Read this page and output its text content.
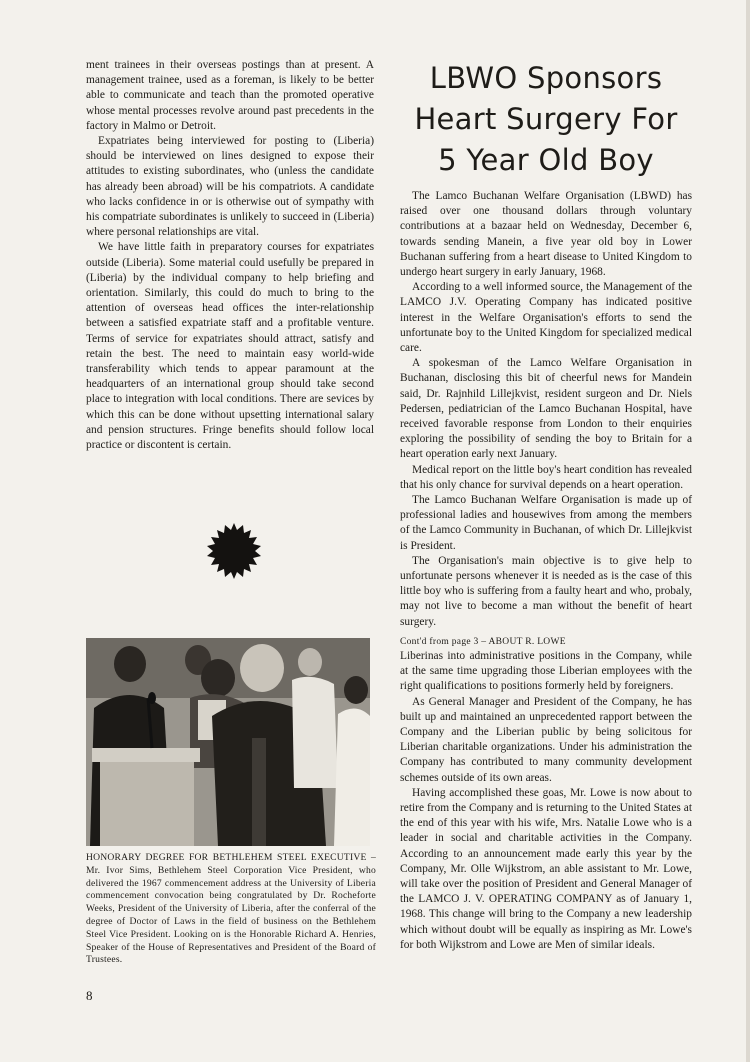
ment trainees in their overseas postings than at present. A management trainee, used as a foreman, is likely to be better able to communicate and teach than the promoted operative whose mental processes revolve around past precedents in the factory in Malmo or Detroit.

Expatriates being interviewed for posting to (Liberia) should be interviewed on lines designed to expose their attitudes to existing subordinates, who (unless the candidate has already been abroad) will be his compatriots. A candidate who lacks confidence in or is otherwise out of sympathy with his compatriate subordinates is unlikely to succeed in (Liberia) where personal relationships are vital.

We have little faith in preparatory courses for expatriates outside (Liberia). Some material could usefully be prepared in (Liberia) by the individual company to help briefing and orientation. Similarly, this could do much to bring to the attention of overseas head offices the inter-relationship between a satisfied expatriate staff and a profitable venture. Terms of service for expatriates should attract, satisfy and retain the best. The need to maintain easy world-wide transferability which tends to appear paramount at the headquarters of an international group should take second place to integration with local conditions. There are sevices by which this can be done without upsetting international salary and pension structures. Fringe benefits should follow local practice or discontent is certain.

HONORARY DEGREE FOR BETHLEHEM STEEL EXECUTIVE – Mr. Ivor Sims, Bethlehem Steel Corporation Vice President, who delivered the 1967 commencement address at the University of Liberia commencement convocation being congratulated by Dr. Rocheforte Weeks, President of the University of Liberia, after the conferral of the degree of Doctor of Laws in the field of business on the Bethlehem Steel Vice President. Looking on is the Honorable Richard A. Henries, Speaker of the House of Representatives and President of the Board of Trustees.
LBWO Sponsors
Heart Surgery For
5 Year Old Boy

The Lamco Buchanan Welfare Organisation (LBWD) has raised over one thousand dollars through voluntary contributions at a bazaar held on Wednesday, December 6, towards sending Manein, a five year old boy in Lower Buchanan suffering from a heart disease to United Kingdom to undergo heart surgery in early January, 1968.

According to a well informed source, the Management of the LAMCO J.V. Operating Company has indicated positive interest in the Welfare Organisation's efforts to send the unfortunate boy to the United Kingdom for specialized medical care.

A spokesman of the Lamco Welfare Organisation in Buchanan, disclosing this bit of cheerful news for Mandein said, Dr. Rajnhild Lillejkvist, resident surgeon and Dr. Niels Pedersen, pediatrician of the Lamco Buchanan Hospital, have received favorable response from London to their enquiries exploring the possibility of sending the boy to Britain for a heart operation early next January.

Medical report on the little boy's heart condition has revealed that his only chance for survival depends on a heart operation.

The Lamco Buchanan Welfare Organisation is made up of professional ladies and housewives from among the members of the Lamco Community in Buchanan, of which Dr. Lillejkvist is President.

The Organisation's main objective is to give help to unfortunate persons whenever it is needed as is the case of this little boy who is suffering from a faulty heart and who, probaly, may not live to become a man without the benefit of heart surgery.

Cont'd from page 3 – ABOUT R. LOWE

Liberinas into administrative positions in the Company, while at the same time upgrading those Liberian employees with the right qualifications to positions formerly held by foreigners.

As General Manager and President of the Company, he has built up and maintained an unprecedented rapport between the Company and the Liberian public by being solicitous for Liberian charitable organizations. Under his administration the Company has contributed to many community development schemes outside of its own areas.

Having accomplished these goas, Mr. Lowe is now about to retire from the Company and is returning to the United States at the end of this year with his wife, Mrs. Natalie Lowe who is a leader in social and charitable activities in the Company. According to an announcement made early this year by the Company, Mr. Olle Wijkstrom, an able assistant to Mr. Lowe, will take over the position of President and General Manager of the LAMCO J. V. OPERATING COMPANY as of January 1, 1968. This change will bring to the Company a new leadership which without doubt will be equally as inspiring as Mr. Lowe's for both Wijkstrom and Lowe are Men of similar ideals.

8
